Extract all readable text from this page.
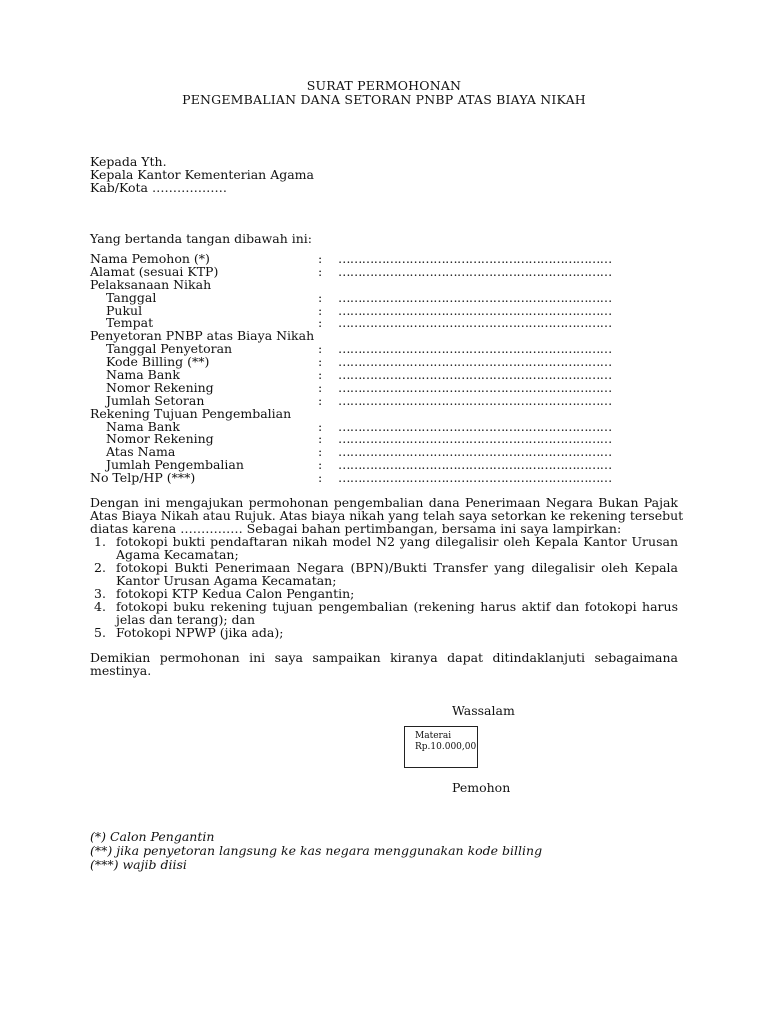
SURAT PERMOHONAN
PENGEMBALIAN DANA SETORAN PNBP ATAS BIAYA NIKAH
Kepada Yth.
Kepala Kantor Kementerian Agama
Kab/Kota ………………
Yang bertanda tangan dibawah ini:
Nama Pemohon (*)	: ……………………………………………………………
Alamat (sesuai KTP)	: ……………………………………………………………
Pelaksanaan Nikah
Tanggal	: ……………………………………………………………
Pukul	: ……………………………………………………………
Tempat	: ……………………………………………………………
Penyetoran PNBP atas Biaya Nikah
Tanggal Penyetoran	: ……………………………………………………………
Kode Billing (**)	: ……………………………………………………………
Nama Bank	: ……………………………………………………………
Nomor Rekening	: ……………………………………………………………
Jumlah Setoran	: ……………………………………………………………
Rekening Tujuan Pengembalian
Nama Bank	: ……………………………………………………………
Nomor Rekening	: ……………………………………………………………
Atas Nama	: ……………………………………………………………
Jumlah Pengembalian	: ……………………………………………………………
No Telp/HP (***)	: ……………………………………………………………
Dengan ini mengajukan permohonan pengembalian dana Penerimaan Negara Bukan Pajak
Atas Biaya Nikah atau Rujuk. Atas biaya nikah yang telah saya setorkan ke rekening tersebut
diatas karena …………… Sebagai bahan pertimbangan, bersama ini saya lampirkan:
1. fotokopi bukti pendaftaran nikah model N2 yang dilegalisir oleh Kepala Kantor Urusan
Agama Kecamatan;
2. fotokopi Bukti Penerimaan Negara (BPN)/Bukti Transfer yang dilegalisir oleh Kepala
Kantor Urusan Agama Kecamatan;
3. fotokopi KTP Kedua Calon Pengantin;
4. fotokopi buku rekening tujuan pengembalian (rekening harus aktif dan fotokopi harus
jelas dan terang); dan
5. Fotokopi NPWP (jika ada);
Demikian permohonan ini saya sampaikan kiranya dapat ditindaklanjuti sebagaimana
mestinya.
Wassalam
Materai
Rp.10.000,00
Pemohon
(*) Calon Pengantin
(**) jika penyetoran langsung ke kas negara menggunakan kode billing
(***) wajib diisi
